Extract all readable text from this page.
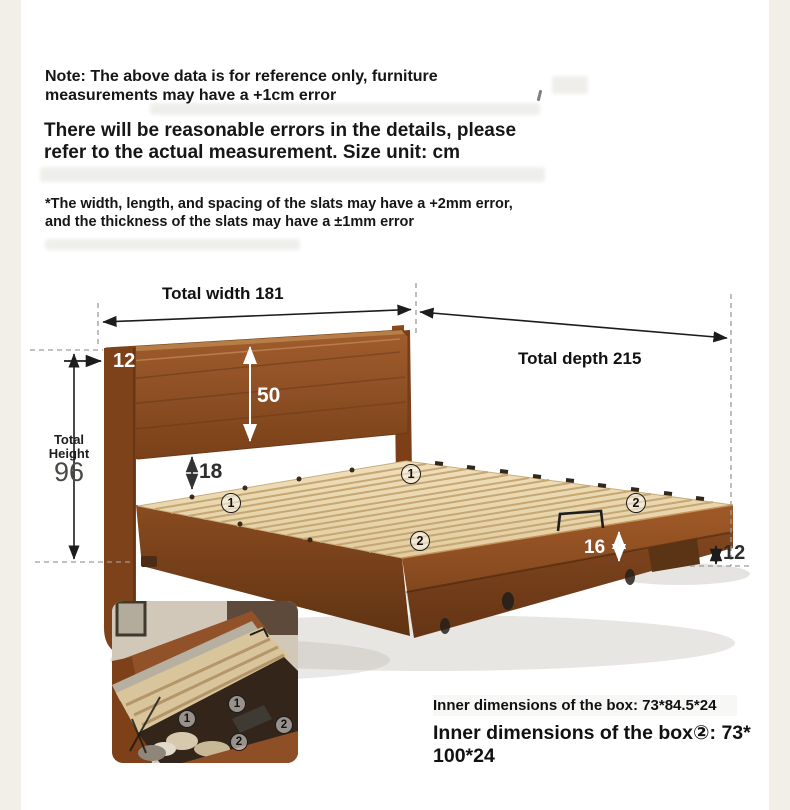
Note: The above data is for reference only, furniture measurements may have a +1cm error
There will be reasonable errors in the details, please refer to the actual measurement. Size unit: cm
*The width, length, and spacing of the slats may have a +2mm error, and the thickness of the slats may have a ±1mm error
Total width 181
Total depth 215
Total
Height
96
12
50
18
16	12
1
1
2
2
1
1	2
2
Inner dimensions of the box: 73*84.5*24
Inner dimensions of the box②: 73*
100*24
